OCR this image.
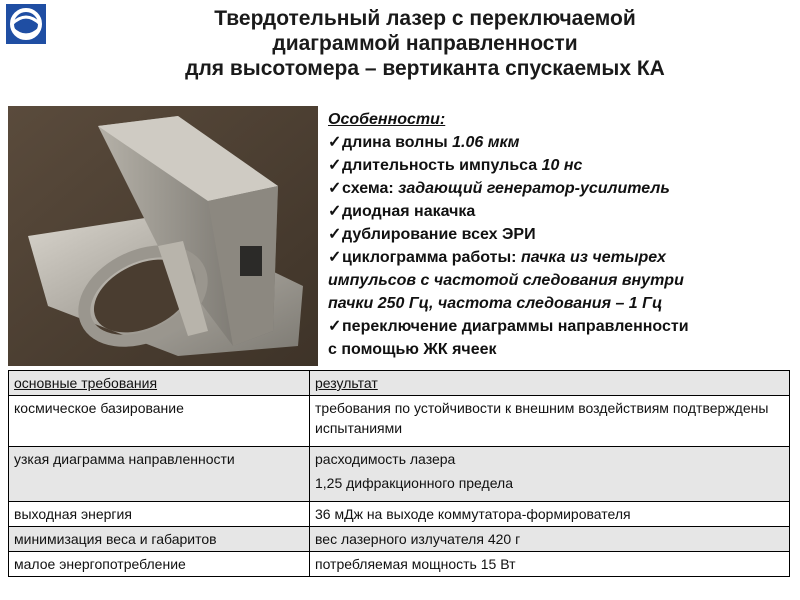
Твердотельный лазер с переключаемой
диаграммой направленности
для высотомера – вертиканта спускаемых КА
Особенности:
✓длина волны 1.06 мкм
✓длительность импульса 10 нс
✓схема: задающий генератор-усилитель
✓диодная накачка
✓дублирование всех ЭРИ
✓циклограмма работы: пачка из четырех
импульсов с частотой следования внутри
пачки 250 Гц, частота следования – 1 Гц
✓переключение диаграммы направленности
с помощью ЖК ячеек
основные требования	результат
космическое базирование	требования по устойчивости к внешним воздействиям подтверждены испытаниями
узкая диаграмма направленности	расходимость лазера
1,25 дифракционного предела

выходная энергия	36 мДж на выходе коммутатора-формирователя
минимизация веса и габаритов	вес лазерного излучателя 420 г
малое энергопотребление	потребляемая мощность 15 Вт
